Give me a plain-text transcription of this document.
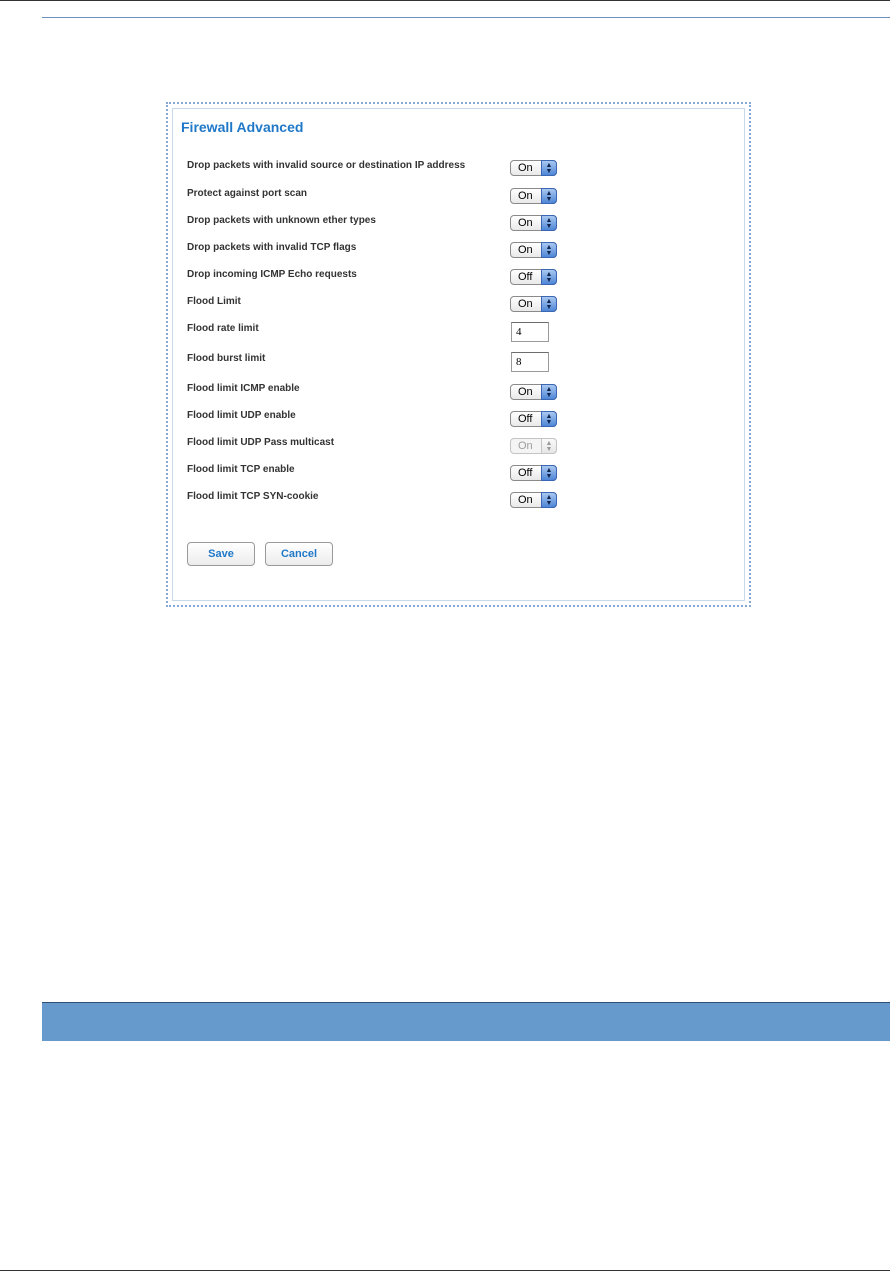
Firewall Advanced
Drop packets with invalid source or destination IP address	On	▲
▼
Protect against port scan	On	▲
▼
Drop packets with unknown ether types	On	▲
▼
Drop packets with invalid TCP flags	On	▲
▼
Drop incoming ICMP Echo requests	Off	▲
▼
Flood Limit	On	▲
▼
Flood rate limit	4
Flood burst limit	8
Flood limit ICMP enable	On	▲
▼
Flood limit UDP enable	Off	▲
▼
Flood limit UDP Pass multicast	On	▲
▼
Flood limit TCP enable	Off	▲
▼
Flood limit TCP SYN-cookie	On	▲
▼
Save	Cancel
